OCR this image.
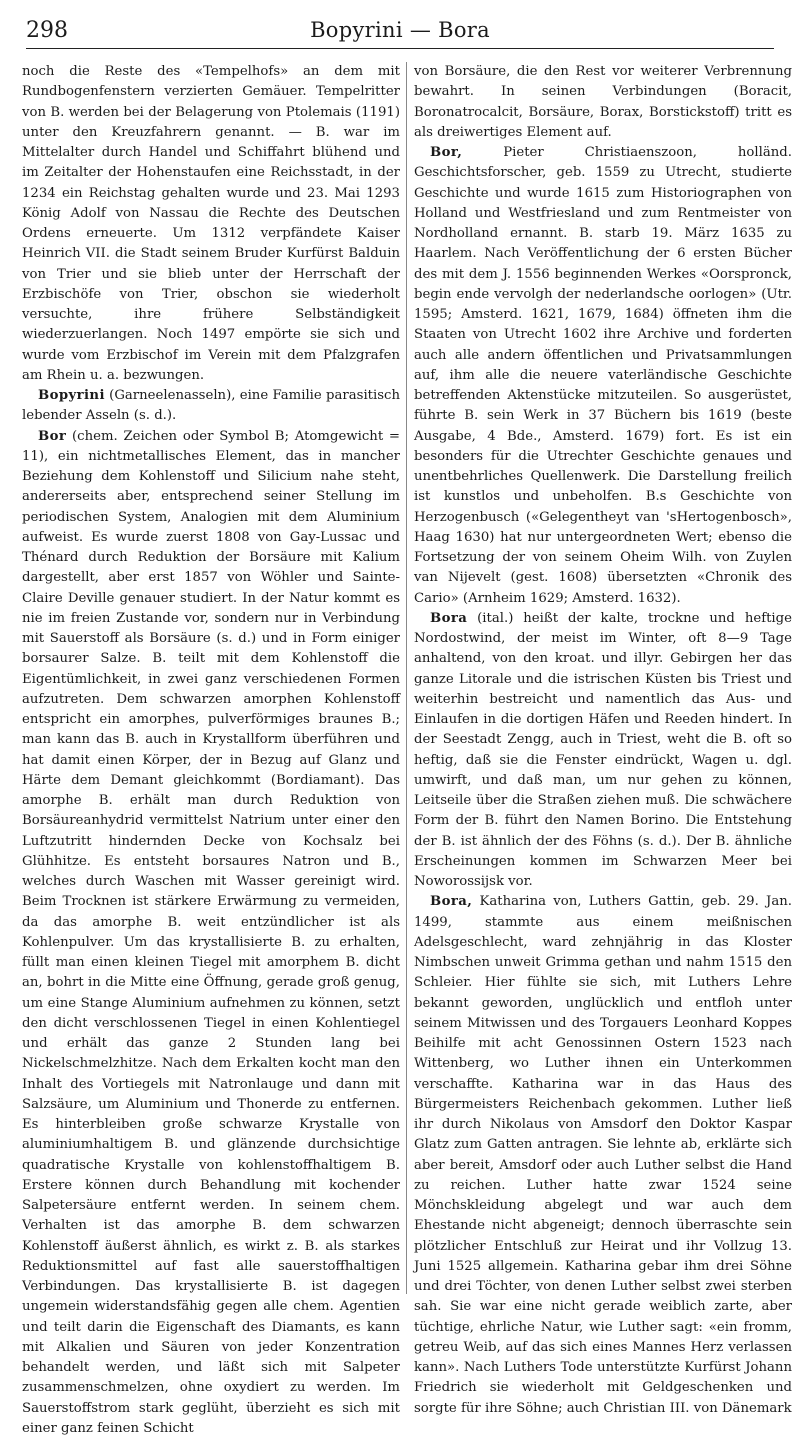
298	Bopyrini — Bora

noch die Reste des «Tempelhofs» an dem mit Rundbogenfenstern verzierten Gemäuer. Tempelritter von B. werden bei der Belagerung von Ptolemais (1191) unter den Kreuzfahrern genannt. — B. war im Mittelalter durch Handel und Schiffahrt blühend und im Zeitalter der Hohenstaufen eine Reichsstadt, in der 1234 ein Reichstag gehalten wurde und 23. Mai 1293 König Adolf von Nassau die Rechte des Deutschen Ordens erneuerte. Um 1312 verpfändete Kaiser Heinrich VII. die Stadt seinem Bruder Kurfürst Balduin von Trier und sie blieb unter der Herrschaft der Erzbischöfe von Trier, obschon sie wiederholt versuchte, ihre frühere Selbständigkeit wiederzuerlangen. Noch 1497 empörte sie sich und wurde vom Erzbischof im Verein mit dem Pfalzgrafen am Rhein u. a. bezwungen.

Bopyrini (Garneelenasseln), eine Familie parasitisch lebender Asseln (s. d.).

Bor (chem. Zeichen oder Symbol B; Atomgewicht = 11), ein nichtmetallisches Element, das in mancher Beziehung dem Kohlenstoff und Silicium nahe steht, andererseits aber, entsprechend seiner Stellung im periodischen System, Analogien mit dem Aluminium aufweist. Es wurde zuerst 1808 von Gay-Lussac und Thénard durch Reduktion der Borsäure mit Kalium dargestellt, aber erst 1857 von Wöhler und Sainte-Claire Deville genauer studiert. In der Natur kommt es nie im freien Zustande vor, sondern nur in Verbindung mit Sauerstoff als Borsäure (s. d.) und in Form einiger borsaurer Salze. B. teilt mit dem Kohlenstoff die Eigentümlichkeit, in zwei ganz verschiedenen Formen aufzutreten. Dem schwarzen amorphen Kohlenstoff entspricht ein amorphes, pulverförmiges braunes B.; man kann das B. auch in Krystallform überführen und hat damit einen Körper, der in Bezug auf Glanz und Härte dem Demant gleichkommt (Bordiamant). Das amorphe B. erhält man durch Reduktion von Borsäureanhydrid vermittelst Natrium unter einer den Luftzutritt hindernden Decke von Kochsalz bei Glühhitze. Es entsteht borsaures Natron und B., welches durch Waschen mit Wasser gereinigt wird. Beim Trocknen ist stärkere Erwärmung zu vermeiden, da das amorphe B. weit entzündlicher ist als Kohlenpulver. Um das krystallisierte B. zu erhalten, füllt man einen kleinen Tiegel mit amorphem B. dicht an, bohrt in die Mitte eine Öffnung, gerade groß genug, um eine Stange Aluminium aufnehmen zu können, setzt den dicht verschlossenen Tiegel in einen Kohlentiegel und erhält das ganze 2 Stunden lang bei Nickelschmelzhitze. Nach dem Erkalten kocht man den Inhalt des Vortiegels mit Natronlauge und dann mit Salzsäure, um Aluminium und Thonerde zu entfernen. Es hinterbleiben große schwarze Krystalle von aluminiumhaltigem B. und glänzende durchsichtige quadratische Krystalle von kohlenstoffhaltigem B. Erstere können durch Behandlung mit kochender Salpetersäure entfernt werden. In seinem chem. Verhalten ist das amorphe B. dem schwarzen Kohlenstoff äußerst ähnlich, es wirkt z. B. als starkes Reduktionsmittel auf fast alle sauerstoffhaltigen Verbindungen. Das krystallisierte B. ist dagegen ungemein widerstandsfähig gegen alle chem. Agentien und teilt darin die Eigenschaft des Diamants, es kann mit Alkalien und Säuren von jeder Konzentration behandelt werden, und läßt sich mit Salpeter zusammenschmelzen, ohne oxydiert zu werden. Im Sauerstoffstrom stark geglüht, überzieht es sich mit einer ganz feinen Schicht

von Borsäure, die den Rest vor weiterer Verbrennung bewahrt. In seinen Verbindungen (Boracit, Boronatrocalcit, Borsäure, Borax, Borstickstoff) tritt es als dreiwertiges Element auf.

Bor, Pieter Christiaenszoon, holländ. Geschichtsforscher, geb. 1559 zu Utrecht, studierte Geschichte und wurde 1615 zum Historiographen von Holland und Westfriesland und zum Rentmeister von Nordholland ernannt. B. starb 19. März 1635 zu Haarlem. Nach Veröffentlichung der 6 ersten Bücher des mit dem J. 1556 beginnenden Werkes «Oorspronck, begin ende vervolgh der nederlandsche oorlogen» (Utr. 1595; Amsterd. 1621, 1679, 1684) öffneten ihm die Staaten von Utrecht 1602 ihre Archive und forderten auch alle andern öffentlichen und Privatsammlungen auf, ihm alle die neuere vaterländische Geschichte betreffenden Aktenstücke mitzuteilen. So ausgerüstet, führte B. sein Werk in 37 Büchern bis 1619 (beste Ausgabe, 4 Bde., Amsterd. 1679) fort. Es ist ein besonders für die Utrechter Geschichte genaues und unentbehrliches Quellenwerk. Die Darstellung freilich ist kunstlos und unbeholfen. B.s Geschichte von Herzogenbusch («Gelegentheyt van 'sHertogenbosch», Haag 1630) hat nur untergeordneten Wert; ebenso die Fortsetzung der von seinem Oheim Wilh. von Zuylen van Nijevelt (gest. 1608) übersetzten «Chronik des Cario» (Arnheim 1629; Amsterd. 1632).

Bora (ital.) heißt der kalte, trockne und heftige Nordostwind, der meist im Winter, oft 8—9 Tage anhaltend, von den kroat. und illyr. Gebirgen her das ganze Litorale und die istrischen Küsten bis Triest und weiterhin bestreicht und namentlich das Aus- und Einlaufen in die dortigen Häfen und Reeden hindert. In der Seestadt Zengg, auch in Triest, weht die B. oft so heftig, daß sie die Fenster eindrückt, Wagen u. dgl. umwirft, und daß man, um nur gehen zu können, Leitseile über die Straßen ziehen muß. Die schwächere Form der B. führt den Namen Borino. Die Entstehung der B. ist ähnlich der des Föhns (s. d.). Der B. ähnliche Erscheinungen kommen im Schwarzen Meer bei Noworossijsk vor.

Bora, Katharina von, Luthers Gattin, geb. 29. Jan. 1499, stammte aus einem meißnischen Adelsgeschlecht, ward zehnjährig in das Kloster Nimbschen unweit Grimma gethan und nahm 1515 den Schleier. Hier fühlte sie sich, mit Luthers Lehre bekannt geworden, unglücklich und entfloh unter seinem Mitwissen und des Torgauers Leonhard Koppes Beihilfe mit acht Genossinnen Ostern 1523 nach Wittenberg, wo Luther ihnen ein Unterkommen verschaffte. Katharina war in das Haus des Bürgermeisters Reichenbach gekommen. Luther ließ ihr durch Nikolaus von Amsdorf den Doktor Kaspar Glatz zum Gatten antragen. Sie lehnte ab, erklärte sich aber bereit, Amsdorf oder auch Luther selbst die Hand zu reichen. Luther hatte zwar 1524 seine Mönchskleidung abgelegt und war auch dem Ehestande nicht abgeneigt; dennoch überraschte sein plötzlicher Entschluß zur Heirat und ihr Vollzug 13. Juni 1525 allgemein. Katharina gebar ihm drei Söhne und drei Töchter, von denen Luther selbst zwei sterben sah. Sie war eine nicht gerade weiblich zarte, aber tüchtige, ehrliche Natur, wie Luther sagt: «ein fromm, getreu Weib, auf das sich eines Mannes Herz verlassen kann». Nach Luthers Tode unterstützte Kurfürst Johann Friedrich sie wiederholt mit Geldgeschenken und sorgte für ihre Söhne; auch Christian III. von Dänemark
